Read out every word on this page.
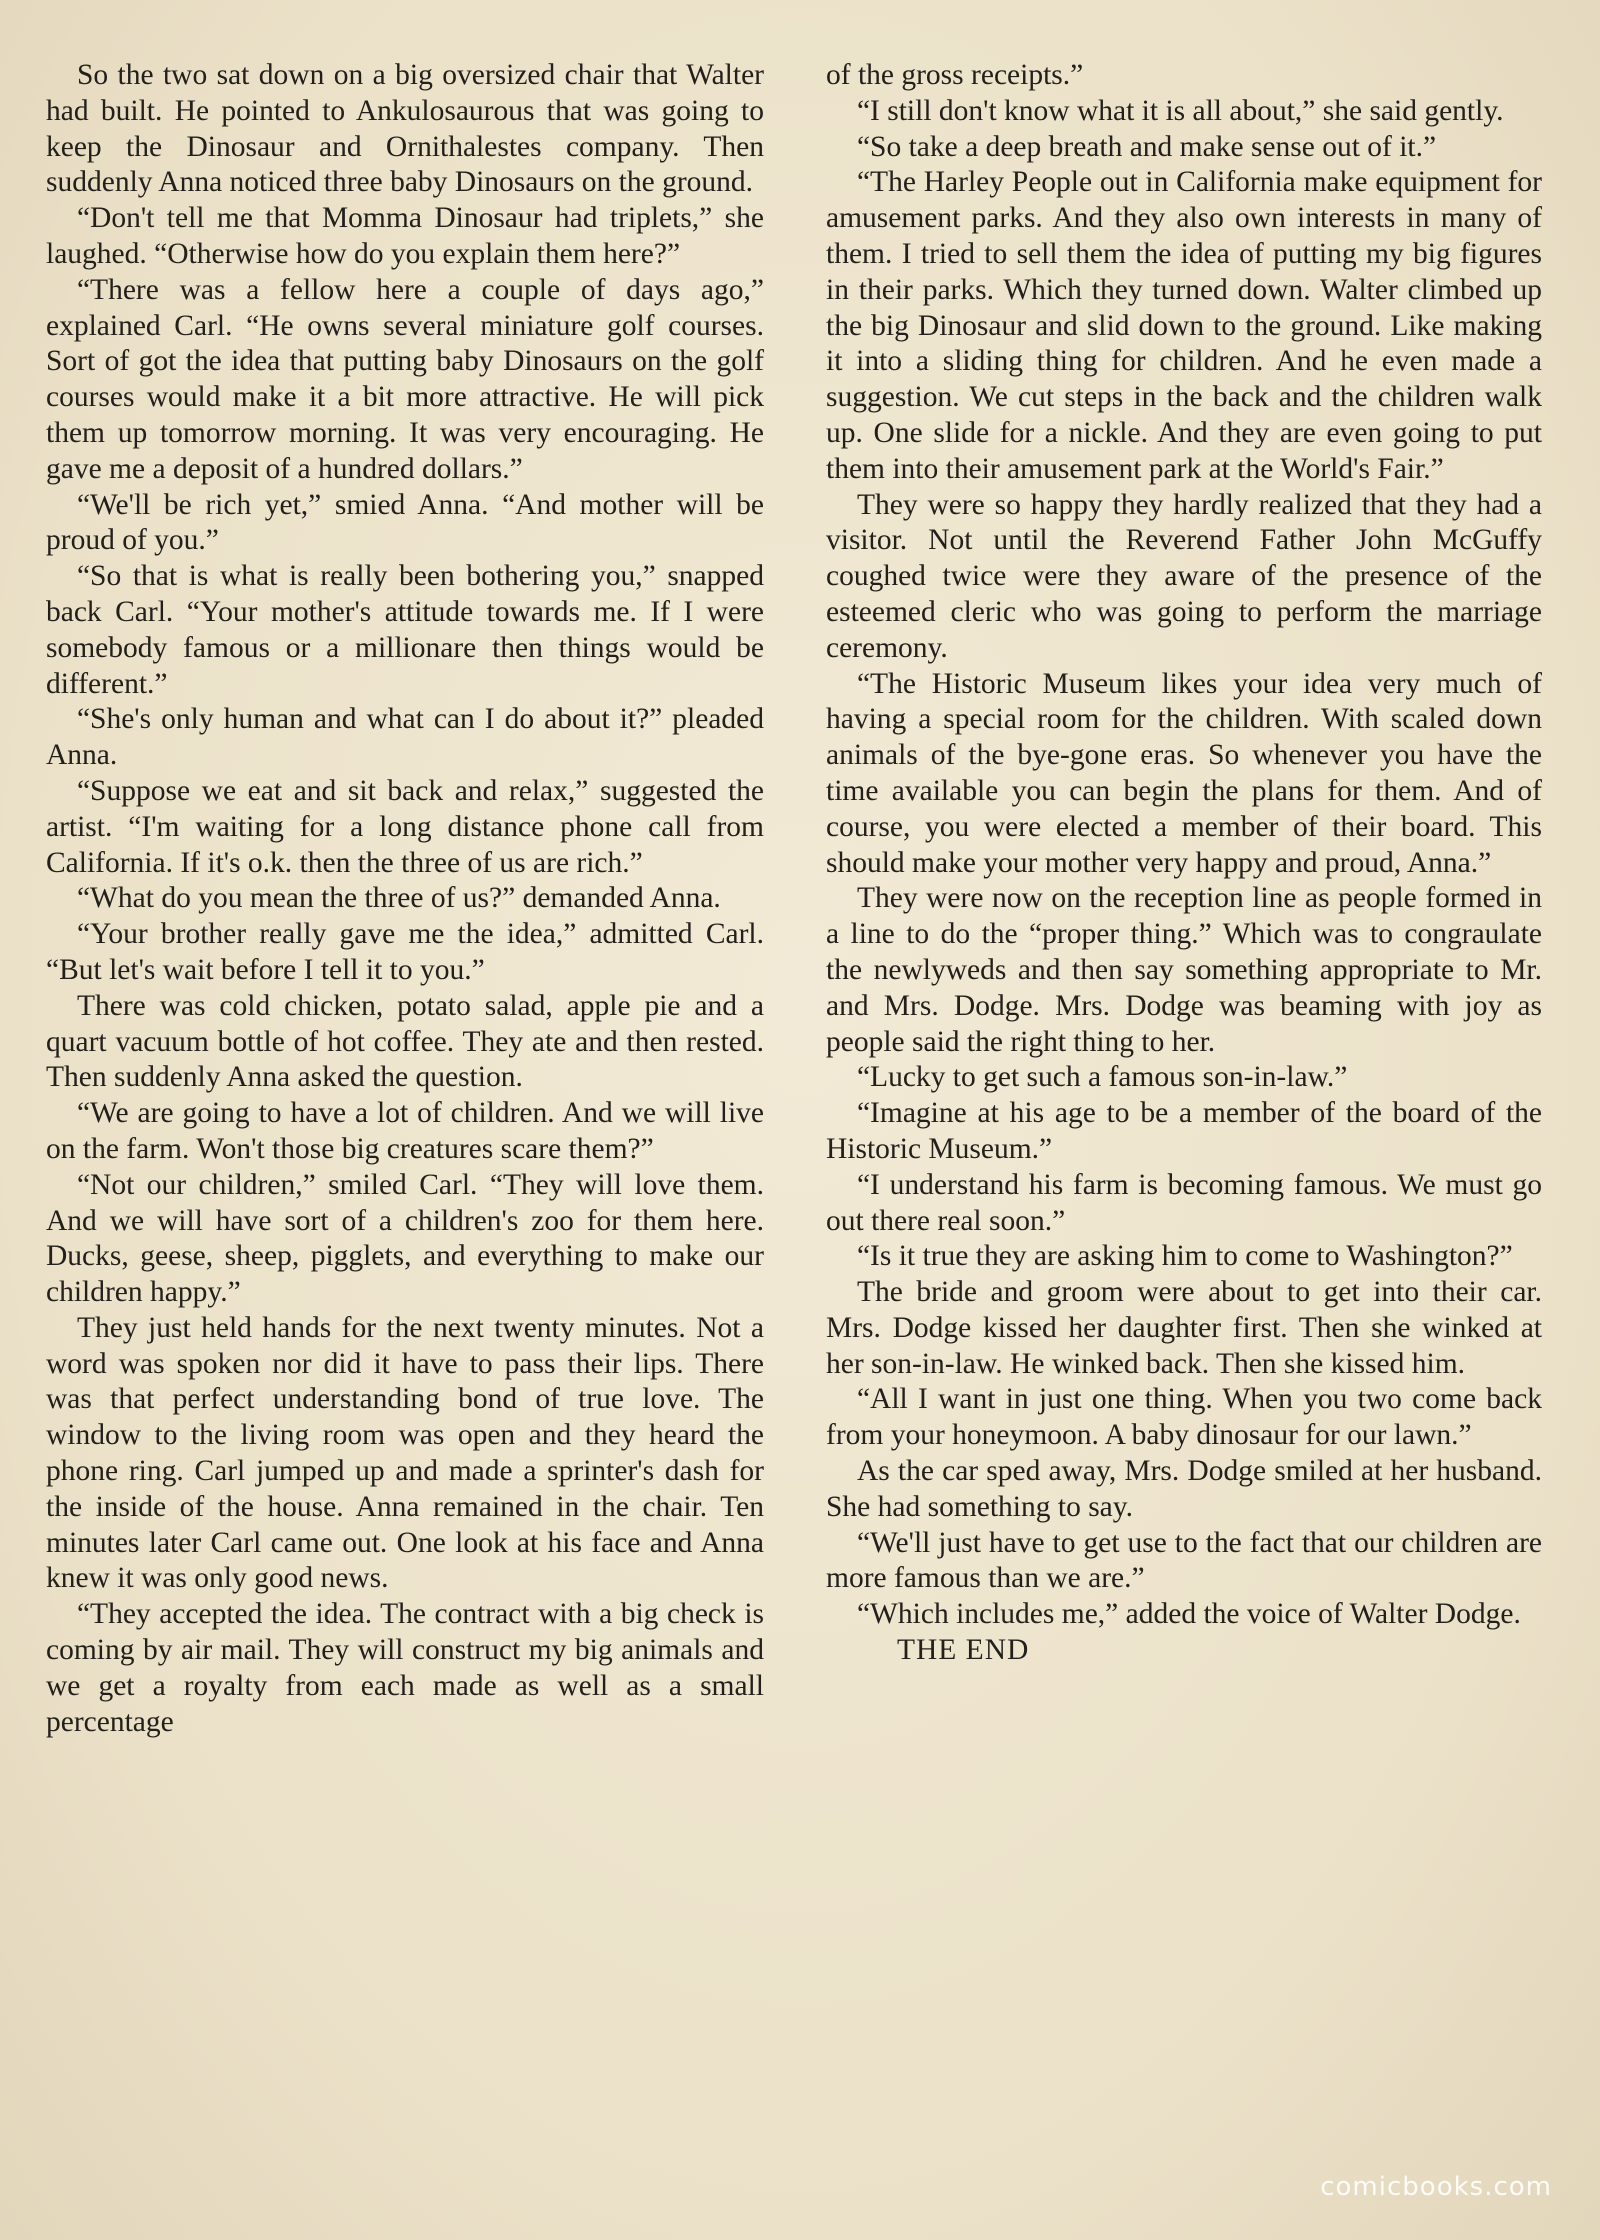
So the two sat down on a big oversized chair that Walter had built. He pointed to Ankulosaurous that was going to keep the Dinosaur and Ornithalestes company. Then suddenly Anna noticed three baby Dinosaurs on the ground.

“Don't tell me that Momma Dinosaur had triplets,” she laughed. “Otherwise how do you explain them here?”

“There was a fellow here a couple of days ago,” explained Carl. “He owns several miniature golf courses. Sort of got the idea that putting baby Dinosaurs on the golf courses would make it a bit more attractive. He will pick them up tomorrow morning. It was very encouraging. He gave me a deposit of a hundred dollars.”

“We'll be rich yet,” smied Anna. “And mother will be proud of you.”

“So that is what is really been bothering you,” snapped back Carl. “Your mother's attitude towards me. If I were somebody famous or a millionare then things would be different.”

“She's only human and what can I do about it?” pleaded Anna.

“Suppose we eat and sit back and relax,” suggested the artist. “I'm waiting for a long distance phone call from California. If it's o.k. then the three of us are rich.”

“What do you mean the three of us?” demanded Anna.

“Your brother really gave me the idea,” admitted Carl. “But let's wait before I tell it to you.”

There was cold chicken, potato salad, apple pie and a quart vacuum bottle of hot coffee. They ate and then rested. Then suddenly Anna asked the question.

“We are going to have a lot of children. And we will live on the farm. Won't those big creatures scare them?”

“Not our children,” smiled Carl. “They will love them. And we will have sort of a children's zoo for them here. Ducks, geese, sheep, pigglets, and everything to make our children happy.”

They just held hands for the next twenty minutes. Not a word was spoken nor did it have to pass their lips. There was that perfect understanding bond of true love. The window to the living room was open and they heard the phone ring. Carl jumped up and made a sprinter's dash for the inside of the house. Anna remained in the chair. Ten minutes later Carl came out. One look at his face and Anna knew it was only good news.

“They accepted the idea. The contract with a big check is coming by air mail. They will construct my big animals and we get a royalty from each made as well as a small percentage

of the gross receipts.”

“I still don't know what it is all about,” she said gently.

“So take a deep breath and make sense out of it.”

“The Harley People out in California make equipment for amusement parks. And they also own interests in many of them. I tried to sell them the idea of putting my big figures in their parks. Which they turned down. Walter climbed up the big Dinosaur and slid down to the ground. Like making it into a sliding thing for children. And he even made a suggestion. We cut steps in the back and the children walk up. One slide for a nickle. And they are even going to put them into their amusement park at the World's Fair.”

They were so happy they hardly realized that they had a visitor. Not until the Reverend Father John McGuffy coughed twice were they aware of the presence of the esteemed cleric who was going to perform the marriage ceremony.

“The Historic Museum likes your idea very much of having a special room for the children. With scaled down animals of the bye-gone eras. So whenever you have the time available you can begin the plans for them. And of course, you were elected a member of their board. This should make your mother very happy and proud, Anna.”

They were now on the reception line as people formed in a line to do the “proper thing.” Which was to congraulate the newlyweds and then say something appropriate to Mr. and Mrs. Dodge. Mrs. Dodge was beaming with joy as people said the right thing to her.

“Lucky to get such a famous son-in-law.”

“Imagine at his age to be a member of the board of the Historic Museum.”

“I understand his farm is becoming famous. We must go out there real soon.”

“Is it true they are asking him to come to Washington?”

The bride and groom were about to get into their car. Mrs. Dodge kissed her daughter first. Then she winked at her son-in-law. He winked back. Then she kissed him.

“All I want in just one thing. When you two come back from your honeymoon. A baby dinosaur for our lawn.”

As the car sped away, Mrs. Dodge smiled at her husband. She had something to say.

“We'll just have to get use to the fact that our children are more famous than we are.”

“Which includes me,” added the voice of Walter Dodge.

THE END

comicbooks.com
